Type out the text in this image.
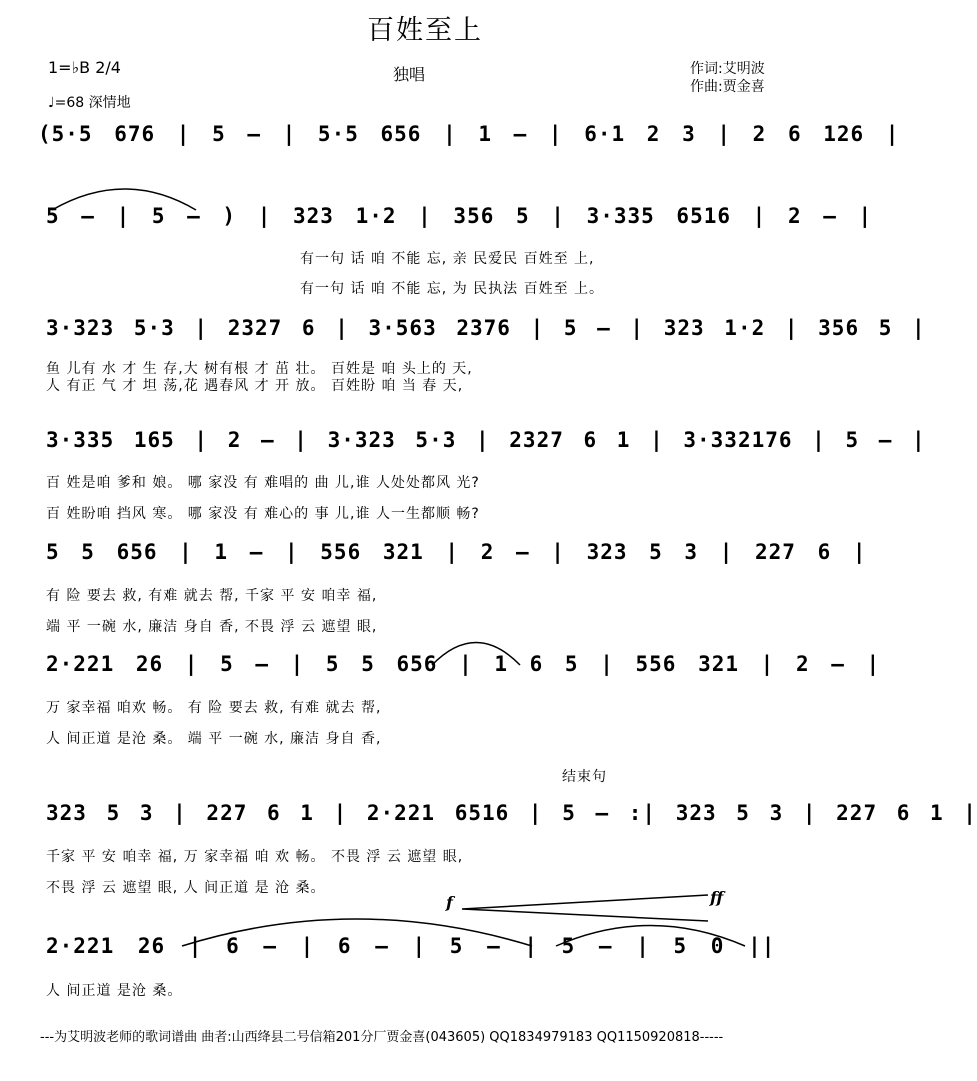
百姓至上
1=♭B 2/4	独唱	作词:艾明波
作曲:贾金喜
♩=68 深情地
(5·5 676 | 5 – | 5·5 656 | 1 – | 6·1 2 3 | 2 6 126 |
5 – | 5 – ) | 323 1·2 | 356 5 | 3·335 6516 | 2 – |
有一句 话 咱 不能 忘, 亲 民爱民 百姓至 上,
有一句 话 咱 不能 忘, 为 民执法 百姓至 上。
3·323 5·3 | 2327 6 | 3·563 2376 | 5 – | 323 1·2 | 356 5 |
鱼 儿有 水 才 生 存,大 树有根 才 茁 壮。 百姓是 咱 头上的 天,
人 有正 气 才 坦 荡,花 遇春风 才 开 放。 百姓盼 咱 当 春 天,
3·335 165 | 2 – | 3·323 5·3 | 2327 6 1 | 3·332176 | 5 – |
百 姓是咱 爹和 娘。 哪 家没 有 难唱的 曲 儿,谁 人处处都风 光?
百 姓盼咱 挡风 寒。 哪 家没 有 难心的 事 儿,谁 人一生都顺 畅?
5 5 656 | 1 – | 556 321 | 2 – | 323 5 3 | 227 6 |
有 险 要去 救, 有难 就去 帮, 千家 平 安 咱幸 福,
端 平 一碗 水, 廉洁 身自 香, 不畏 浮 云 遮望 眼,
2·221 26 | 5 – | 5 5 656 | 1 6 5 | 556 321 | 2 – |
万 家幸福 咱欢 畅。 有 险 要去 救, 有难 就去 帮,
人 间正道 是沧 桑。 端 平 一碗 水, 廉洁 身自 香,
结束句
323 5 3 | 227 6 1 | 2·221 6516 | 5 – :| 323 5 3 | 227 6 1 |
千家 平 安 咱幸 福, 万 家幸福 咱 欢 畅。 不畏 浮 云 遮望 眼,
不畏 浮 云 遮望 眼, 人 间正道 是 沧 桑。
f	ff
2·221 26 | 6 – | 6 – | 5 – | 5 – | 5 0 ||
人 间正道 是沧 桑。
---为艾明波老师的歌词谱曲 曲者:山西绛县二号信箱201分厂贾金喜(043605) QQ1834979183 QQ1150920818-----
